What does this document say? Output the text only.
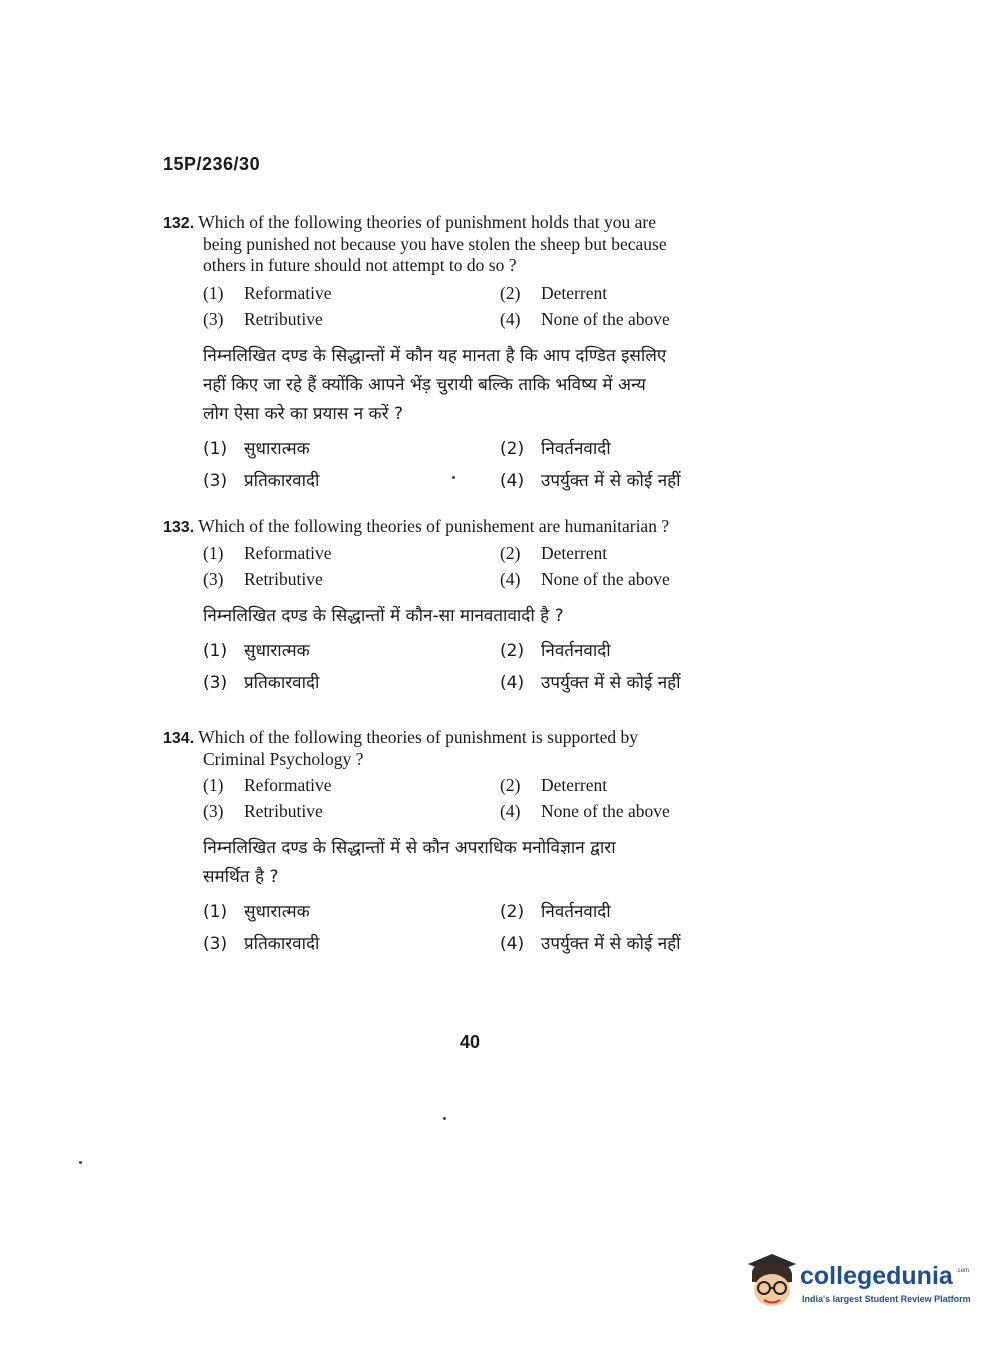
15P/236/30
132. Which of the following theories of punishment holds that you are
being punished not because you have stolen the sheep but because
others in future should not attempt to do so ?
(1)	Reformative	(2)	Deterrent
(3)	Retributive	(4)	None of the above
निम्नलिखित दण्ड के सिद्धान्तों में कौन यह मानता है कि आप दण्डित इसलिए
नहीं किए जा रहे हैं क्योंकि आपने भेंड़ चुरायी बल्कि ताकि भविष्य में अन्य
लोग ऐसा करे का प्रयास न करें ?
(1) सुधारात्मक	(2) निवर्तनवादी
(3) प्रतिकारवादी	(4) उपर्युक्त में से कोई नहीं
133. Which of the following theories of punishement are humanitarian ?
(1)	Reformative	(2)	Deterrent
(3)	Retributive	(4)	None of the above
निम्नलिखित दण्ड के सिद्धान्तों में कौन-सा मानवतावादी है ?
(1) सुधारात्मक	(2) निवर्तनवादी
(3) प्रतिकारवादी	(4) उपर्युक्त में से कोई नहीं
134. Which of the following theories of punishment is supported by
Criminal Psychology ?
(1)	Reformative	(2)	Deterrent
(3)	Retributive	(4)	None of the above
निम्नलिखित दण्ड के सिद्धान्तों में से कौन अपराधिक मनोविज्ञान द्वारा
समर्थित है ?
(1) सुधारात्मक	(2) निवर्तनवादी
(3) प्रतिकारवादी	(4) उपर्युक्त में से कोई नहीं
40
collegedunia .com
India's largest Student Review Platform
